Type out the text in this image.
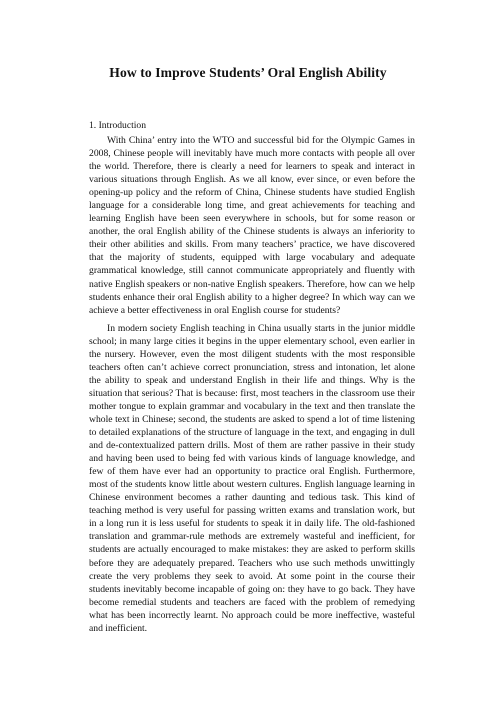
How to Improve Students’ Oral English Ability

1. Introduction

With China’ entry into the WTO and successful bid for the Olympic Games in 2008, Chinese people will inevitably have much more contacts with people all over the world. Therefore, there is clearly a need for learners to speak and interact in various situations through English. As we all know, ever since, or even before the opening-up policy and the reform of China, Chinese students have studied English language for a considerable long time, and great achievements for teaching and learning English have been seen everywhere in schools, but for some reason or another, the oral English ability of the Chinese students is always an inferiority to their other abilities and skills. From many teachers’ practice, we have discovered that the majority of students, equipped with large vocabulary and adequate grammatical knowledge, still cannot communicate appropriately and fluently with native English speakers or non-native English speakers. Therefore, how can we help students enhance their oral English ability to a higher degree? In which way can we achieve a better effectiveness in oral English course for students?

In modern society English teaching in China usually starts in the junior middle school; in many large cities it begins in the upper elementary school, even earlier in the nursery. However, even the most diligent students with the most responsible teachers often can’t achieve correct pronunciation, stress and intonation, let alone the ability to speak and understand English in their life and things. Why is the situation that serious? That is because: first, most teachers in the classroom use their mother tongue to explain grammar and vocabulary in the text and then translate the whole text in Chinese; second, the students are asked to spend a lot of time listening to detailed explanations of the structure of language in the text, and engaging in dull and de-contextualized pattern drills. Most of them are rather passive in their study and having been used to being fed with various kinds of language knowledge, and few of them have ever had an opportunity to practice oral English. Furthermore, most of the students know little about western cultures. English language learning in Chinese environment becomes a rather daunting and tedious task. This kind of teaching method is very useful for passing written exams and translation work, but in a long run it is less useful for students to speak it in daily life. The old-fashioned translation and grammar-rule methods are extremely wasteful and inefficient, for students are actually encouraged to make mistakes: they are asked to perform skills before they are adequately prepared. Teachers who use such methods unwittingly create the very problems they seek to avoid. At some point in the course their students inevitably become incapable of going on: they have to go back. They have become remedial students and teachers are faced with the problem of remedying what has been incorrectly learnt. No approach could be more ineffective, wasteful and inefficient.
